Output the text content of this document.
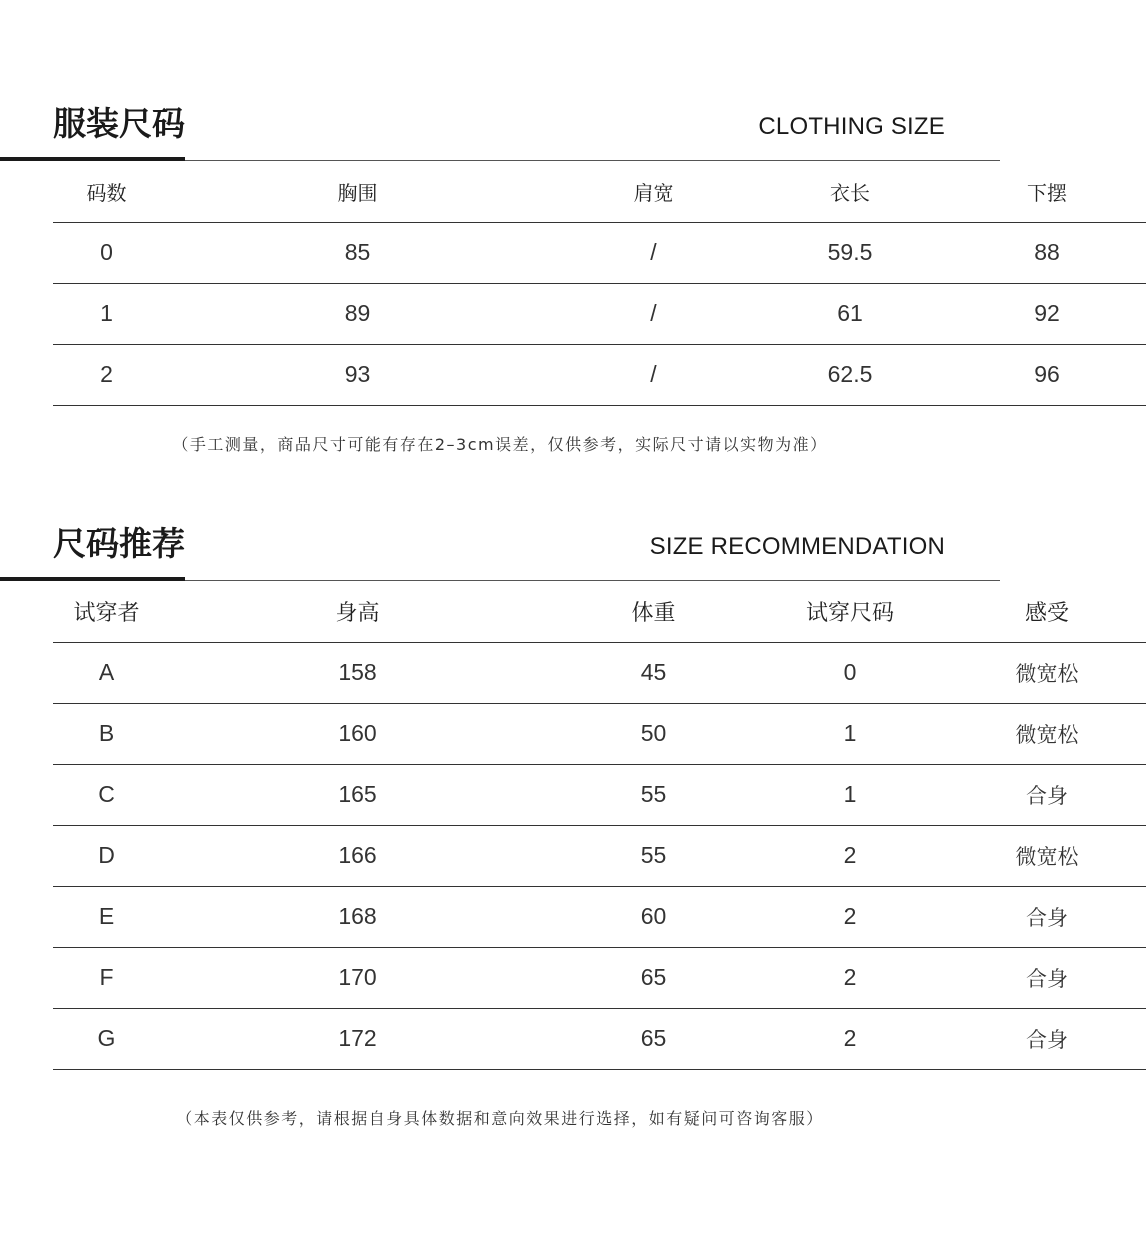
服装尺码	CLOTHING SIZE
码数	胸围	肩宽	衣长	下摆
0	85	/	59.5	88
1	89	/	61	92
2	93	/	62.5	96
（手工测量，商品尺寸可能有存在2–3cm误差，仅供参考，实际尺寸请以实物为准）
尺码推荐	SIZE RECOMMENDATION
试穿者	身高	体重	试穿尺码	感受
A	158	45	0	微宽松
B	160	50	1	微宽松
C	165	55	1	合身
D	166	55	2	微宽松
E	168	60	2	合身
F	170	65	2	合身
G	172	65	2	合身
（本表仅供参考，请根据自身具体数据和意向效果进行选择，如有疑问可咨询客服）
